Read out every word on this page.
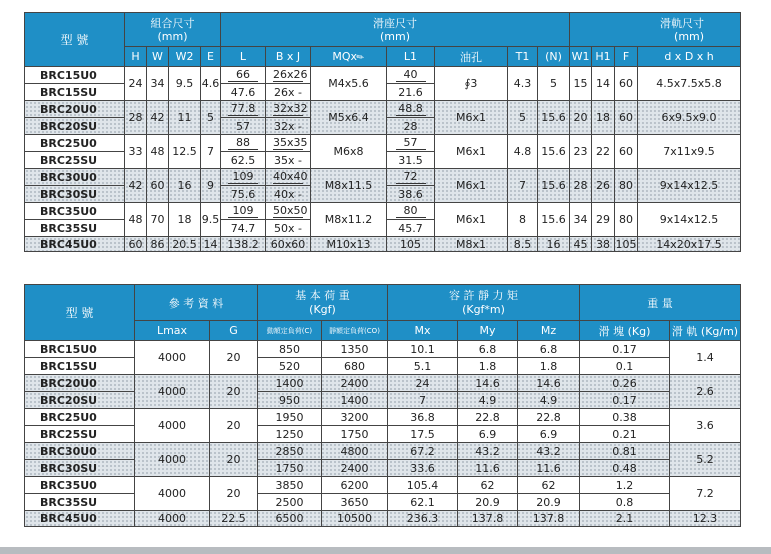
型 號	組合尺寸
(mm)				滑座尺寸
(mm)							滑軌尺寸
(mm)			
	H	W	W2	E	L	B x J	MQx✎	L1	油孔	T1	(N)	W1	H1	F	d x D x h
BRC15U0	24	34	9.5	4.6	66	26x26	M4x5.6	40	∮3	4.3	5	15	14	60	4.5x7.5x5.8
BRC15SU					47.6	26x -		21.6							
BRC20U0	28	42	11	5	77.8	32x32	M5x6.4	48.8	M6x1	5	15.6	20	18	60	6x9.5x9.0
BRC20SU					57	32x -		28							
BRC25U0	33	48	12.5	7	88	35x35	M6x8	57	M6x1	4.8	15.6	23	22	60	7x11x9.5
BRC25SU					62.5	35x -		31.5							
BRC30U0	42	60	16	9	109	40x40	M8x11.5	72	M6x1	7	15.6	28	26	80	9x14x12.5
BRC30SU					75.6	40x -		38.6							
BRC35U0	48	70	18	9.5	109	50x50	M8x11.2	80	M6x1	8	15.6	34	29	80	9x14x12.5
BRC35SU					74.7	50x -		45.7							
BRC45U0	60	86	20.5	14	138.2	60x60	M10x13	105	M8x1	8.5	16	45	38	105	14x20x17.5
型 號	參 考 資 料		基 本 荷 重
(Kgf)		容 許 靜 力 矩
(Kgf*m)			重 量	
	Lmax	G	動額定負荷(C)	靜額定負荷(CO)	Mx	My	Mz	滑 塊 (Kg)	滑 軌 (Kg/m)
BRC15U0	4000	20	850	1350	10.1	6.8	6.8	0.17	1.4
BRC15SU			520	680	5.1	1.8	1.8	0.1	
BRC20U0	4000	20	1400	2400	24	14.6	14.6	0.26	2.6
BRC20SU			950	1400	7	4.9	4.9	0.17	
BRC25U0	4000	20	1950	3200	36.8	22.8	22.8	0.38	3.6
BRC25SU			1250	1750	17.5	6.9	6.9	0.21	
BRC30U0	4000	20	2850	4800	67.2	43.2	43.2	0.81	5.2
BRC30SU			1750	2400	33.6	11.6	11.6	0.48	
BRC35U0	4000	20	3850	6200	105.4	62	62	1.2	7.2
BRC35SU			2500	3650	62.1	20.9	20.9	0.8	
BRC45U0	4000	22.5	6500	10500	236.3	137.8	137.8	2.1	12.3
